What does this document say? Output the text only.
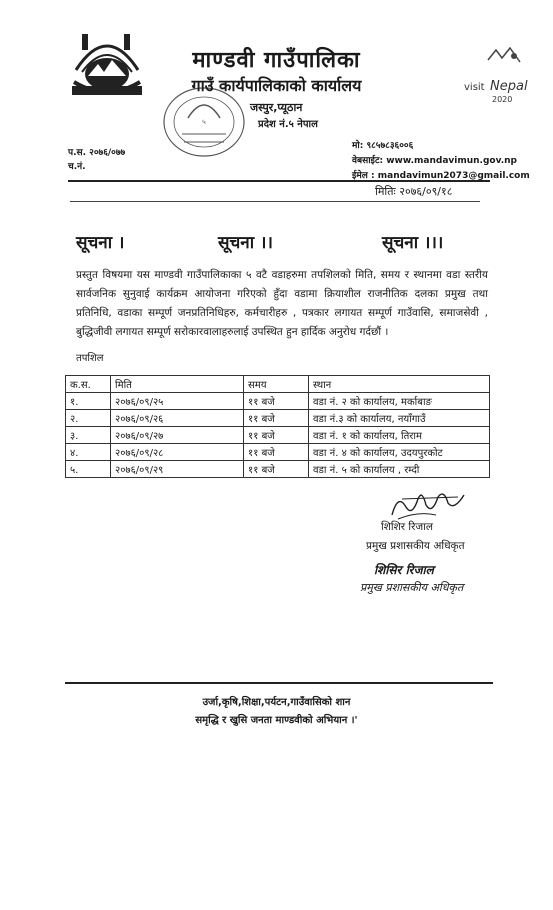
५
visit Nepal
2020
माण्डवी गाउँपालिका
गाउँ कार्यपालिकाको कार्यालय
जस्पुर,प्यूठान
प्रदेश नं.५ नेपाल
प.स. २०७६/०७७
च.नं.
मो: ९८५७८३६००६
वेबसाईट: www.mandavimun.gov.np
ईमेल : mandavimun2073@gmail.com
मितिः २०७६/०९/१८
सूचना ।	सूचना ।।	सूचना ।।।
प्रस्तुत विषयमा यस माण्डवी गाउँपालिकाका ५ वटै वडाहरुमा तपशिलको मिति, समय र स्थानमा वडा स्तरीय सार्वजनिक सुनुवाई कार्यक्रम आयोजना गरिएको हुँदा वडामा क्रियाशील राजनीतिक दलका प्रमुख तथा प्रतिनिधि, वडाका सम्पूर्ण जनप्रतिनिधिहरु, कर्मचारीहरु , पत्रकार लगायत सम्पूर्ण गाउँवासि, समाजसेवी , बुद्धिजीवी लगायत सम्पूर्ण सरोकारवालाहरुलाई उपस्थित हुन हार्दिक अनुरोध गर्दछौं ।
तपशिल
क.स.	मिति	समय	स्थान
१.	२०७६/०९/२५	११ बजे	वडा नं. २ को कार्यालय, मर्काबाङ
२.	२०७६/०९/२६	११ बजे	वडा नं.३ को कार्यालय, नयाँगाउँ
३.	२०७६/०९/२७	११ बजे	वडा नं. १ को कार्यालय, तिराम
४.	२०७६/०९/२८	११ बजे	वडा नं. ४ को कार्यालय, उदयपुरकोट
५.	२०७६/०९/२९	११ बजे	वडा नं. ५ को कार्यालय , रम्दी
शिशिर रिजाल
प्रमुख प्रशासकीय अधिकृत
शिसिर रिजाल
प्रमुख प्रशासकीय अधिकृत
उर्जा,कृषि,शिक्षा,पर्यटन,गाउँवासिको शान
समृद्धि र खुसि जनता माण्डवीको अभियान ।'
